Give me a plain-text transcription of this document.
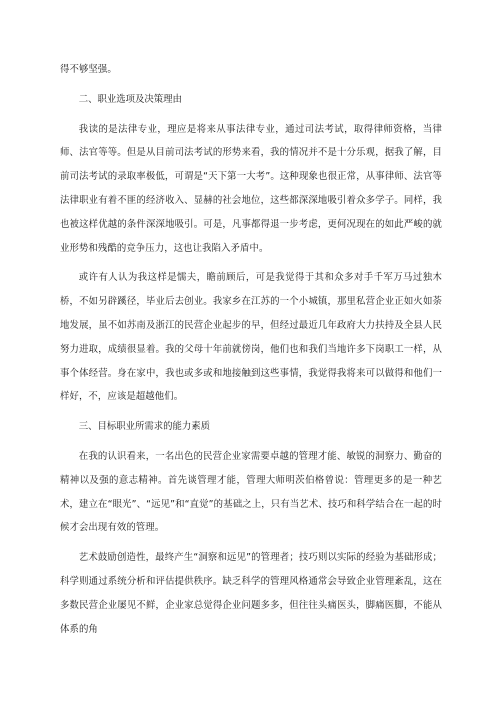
得不够坚强。

二、职业选项及决策理由

我读的是法律专业，理应是将来从事法律专业，通过司法考试，取得律师资格，当律师、法官等等。但是从目前司法考试的形势来看，我的情况并不是十分乐观，据我了解，目前司法考试的录取率极低，可谓是“天下第一大考”。这种现象也很正常，从事律师、法官等法律职业有着不匪的经济收入、显赫的社会地位，这些都深深地吸引着众多学子。同样，我也被这样优越的条件深深地吸引。可是，凡事都得退一步考虑，更何况现在的如此严峻的就业形势和残酷的竞争压力，这也让我陷入矛盾中。

或许有人认为我这样是懦夫，瞻前顾后，可是我觉得于其和众多对手千军万马过独木桥，不如另辟蹊径，毕业后去创业。我家乡在江苏的一个小城镇，那里私营企业正如火如荼地发展，虽不如苏南及浙江的民营企业起步的早，但经过最近几年政府大力扶持及全县人民努力进取，成绩很显着。我的父母十年前就傍岗，他们也和我们当地许多下岗职工一样，从事个体经营。身在家中，我也或多或和地接触到这些事情，我觉得我将来可以做得和他们一样好，不，应该是超越他们。

三、目标职业所需求的能力素质

在我的认识看来，一名出色的民营企业家需要卓越的管理才能、敏锐的洞察力、勤奋的精神以及强的意志精神。首先谈管理才能，管理大师明茨伯格曾说：管理更多的是一种艺术，建立在“眼光”、“远见”和“直觉”的基础之上，只有当艺术、技巧和科学结合在一起的时候才会出现有效的管理。

艺术鼓励创造性，最终产生“洞察和远见”的管理者；技巧则以实际的经验为基础形成；科学则通过系统分析和评估提供秩序。缺乏科学的管理风格通常会导致企业管理紊乱，这在多数民营企业屡见不鲜，企业家总觉得企业问题多多，但往往头痛医头，脚痛医脚，不能从体系的角
